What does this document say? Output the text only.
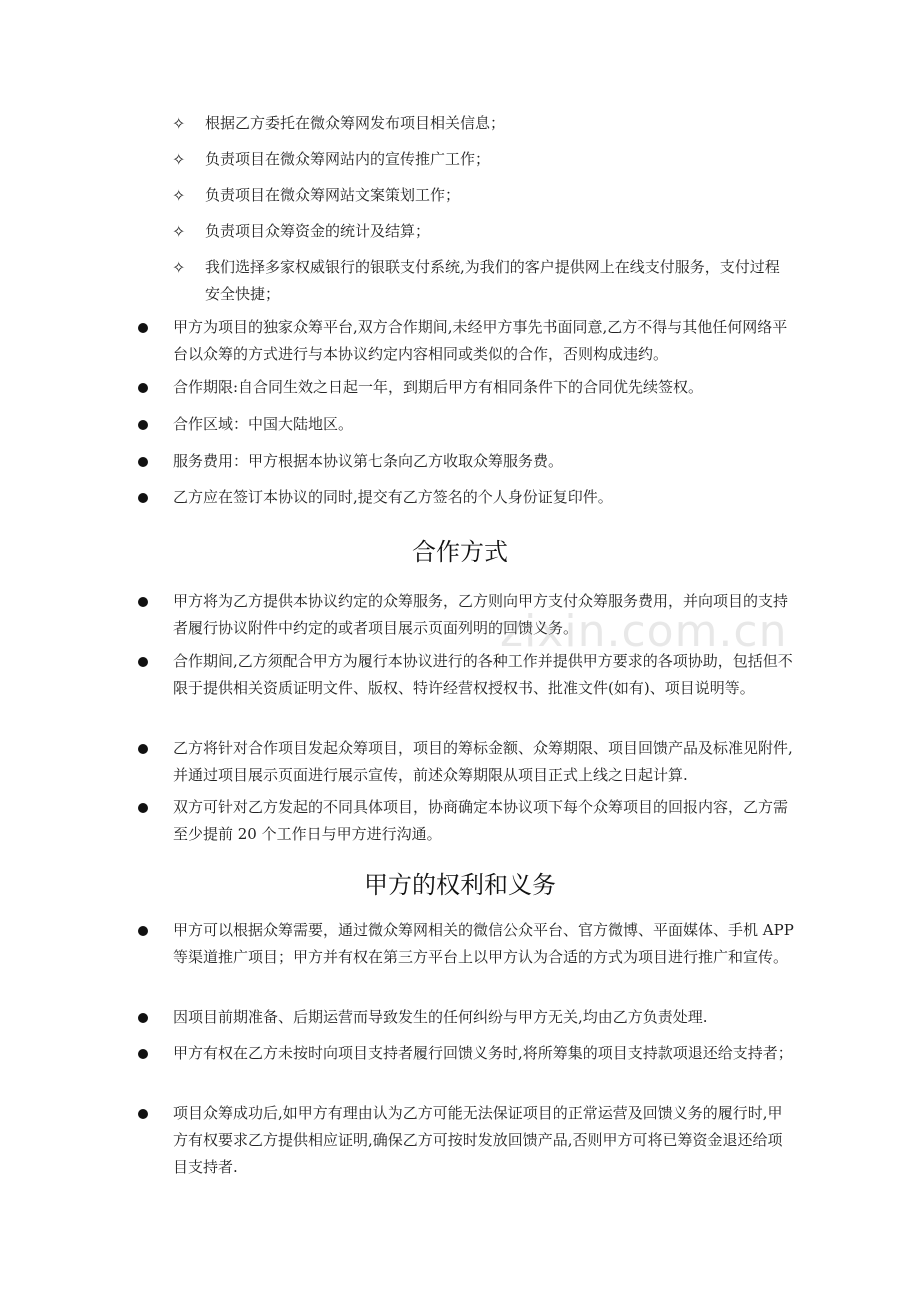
✧ 根据乙方委托在微众筹网发布项目相关信息；
✧ 负责项目在微众筹网站内的宣传推广工作；
✧ 负责项目在微众筹网站文案策划工作；
✧ 负责项目众筹资金的统计及结算；
✧ 我们选择多家权威银行的银联支付系统,为我们的客户提供网上在线支付服务，支付过程安全快捷；
甲方为项目的独家众筹平台,双方合作期间,未经甲方事先书面同意,乙方不得与其他任何网络平台以众筹的方式进行与本协议约定内容相同或类似的合作，否则构成违约。
合作期限:自合同生效之日起一年，到期后甲方有相同条件下的合同优先续签权。
合作区域：中国大陆地区。
服务费用：甲方根据本协议第七条向乙方收取众筹服务费。
乙方应在签订本协议的同时,提交有乙方签名的个人身份证复印件。
合作方式
甲方将为乙方提供本协议约定的众筹服务，乙方则向甲方支付众筹服务费用，并向项目的支持者履行协议附件中约定的或者项目展示页面列明的回馈义务。
合作期间,乙方须配合甲方为履行本协议进行的各种工作并提供甲方要求的各项协助，包括但不限于提供相关资质证明文件、版权、特许经营权授权书、批准文件(如有)、项目说明等。
乙方将针对合作项目发起众筹项目，项目的筹标金额、众筹期限、项目回馈产品及标准见附件,并通过项目展示页面进行展示宣传，前述众筹期限从项目正式上线之日起计算.
双方可针对乙方发起的不同具体项目，协商确定本协议项下每个众筹项目的回报内容，乙方需至少提前 20 个工作日与甲方进行沟通。
甲方的权利和义务
甲方可以根据众筹需要，通过微众筹网相关的微信公众平台、官方微博、平面媒体、手机 APP 等渠道推广项目；甲方并有权在第三方平台上以甲方认为合适的方式为项目进行推广和宣传。
因项目前期准备、后期运营而导致发生的任何纠纷与甲方无关,均由乙方负责处理.
甲方有权在乙方未按时向项目支持者履行回馈义务时,将所筹集的项目支持款项退还给支持者；
项目众筹成功后,如甲方有理由认为乙方可能无法保证项目的正常运营及回馈义务的履行时,甲方有权要求乙方提供相应证明,确保乙方可按时发放回馈产品,否则甲方可将已筹资金退还给项目支持者.
zixin.com.cn
